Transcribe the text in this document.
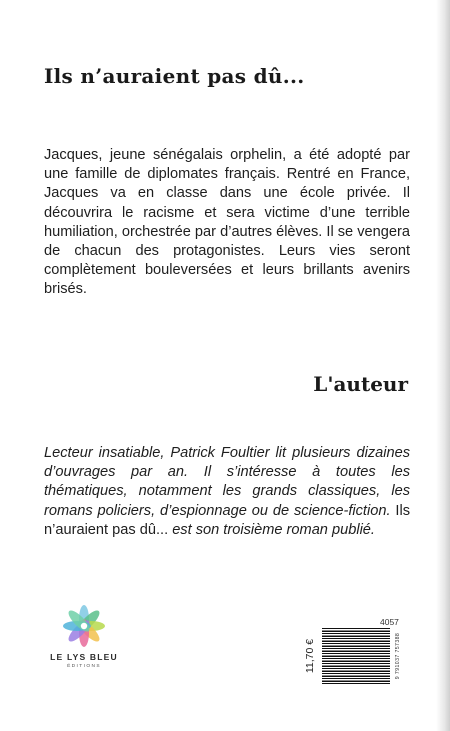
Ils n’auraient pas dû...

Jacques, jeune sénégalais orphelin, a été adopté par une famille de diplomates français. Rentré en France, Jacques va en classe dans une école privée. Il découvrira le racisme et sera victime d’une terrible humiliation, orchestrée par d’autres élèves. Il se vengera de chacun des protagonistes. Leurs vies seront complètement bouleversées et leurs brillants avenirs brisés.

L'auteur

Lecteur insatiable, Patrick Foultier lit plusieurs dizaines d’ouvrages par an. Il s’intéresse à toutes les thématiques, notamment les grands classiques, les romans policiers, d’espionnage ou de science-fiction. Ils n’auraient pas dû... est son troisième roman publié.

LE LYS BLEU
ÉDITIONS
4057
11,70 €	9 791037 757388
